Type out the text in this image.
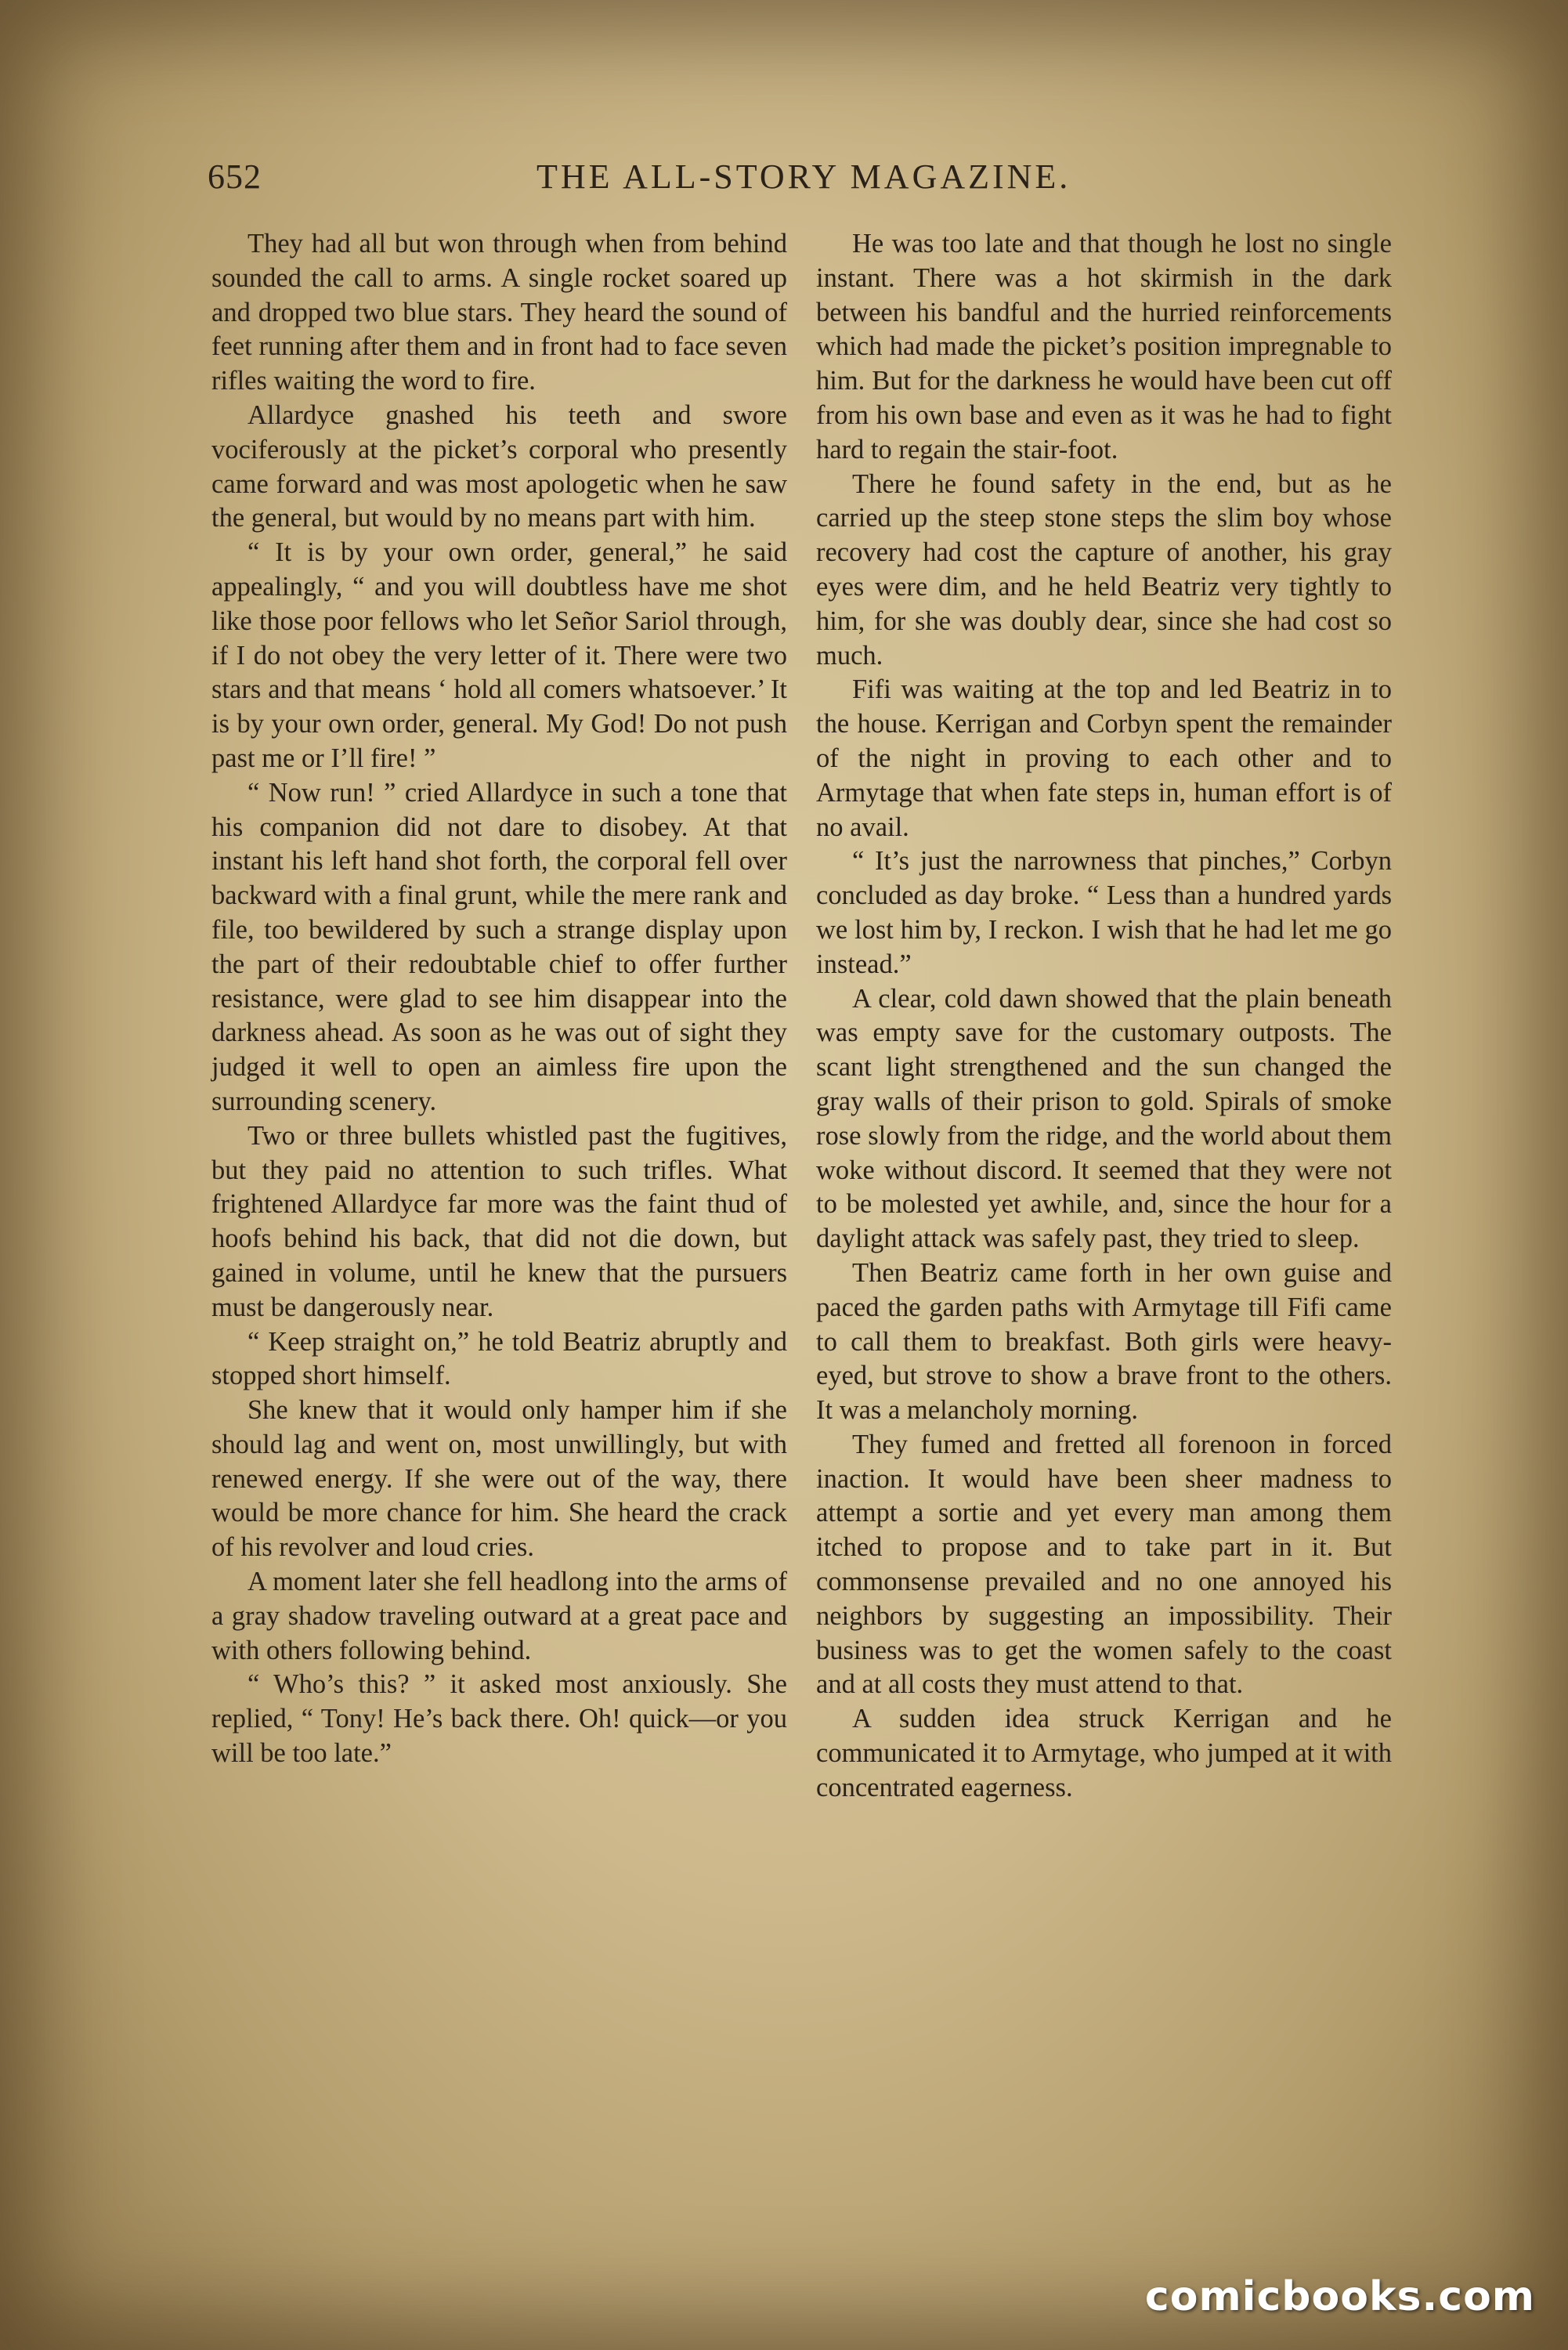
652	THE ALL-STORY MAGAZINE.

They had all but won through when from behind sounded the call to arms. A single rocket soared up and dropped two blue stars. They heard the sound of feet running after them and in front had to face seven rifles waiting the word to fire.

Allardyce gnashed his teeth and swore vociferously at the picket’s corporal who presently came forward and was most apologetic when he saw the general, but would by no means part with him.

“ It is by your own order, general,” he said appealingly, “ and you will doubtless have me shot like those poor fellows who let Señor Sariol through, if I do not obey the very letter of it. There were two stars and that means ‘ hold all comers whatsoever.’ It is by your own order, general. My God! Do not push past me or I’ll fire! ”

“ Now run! ” cried Allardyce in such a tone that his companion did not dare to disobey. At that instant his left hand shot forth, the corporal fell over backward with a final grunt, while the mere rank and file, too bewildered by such a strange display upon the part of their redoubtable chief to offer further resistance, were glad to see him disappear into the darkness ahead. As soon as he was out of sight they judged it well to open an aimless fire upon the surrounding scenery.

Two or three bullets whistled past the fugitives, but they paid no attention to such trifles. What frightened Allardyce far more was the faint thud of hoofs behind his back, that did not die down, but gained in volume, until he knew that the pursuers must be dangerously near.

“ Keep straight on,” he told Beatriz abruptly and stopped short himself.

She knew that it would only hamper him if she should lag and went on, most unwillingly, but with renewed energy. If she were out of the way, there would be more chance for him. She heard the crack of his revolver and loud cries.

A moment later she fell headlong into the arms of a gray shadow traveling outward at a great pace and with others following behind.

“ Who’s this? ” it asked most anxiously. She replied, “ Tony! He’s back there. Oh! quick—or you will be too late.”

He was too late and that though he lost no single instant. There was a hot skirmish in the dark between his bandful and the hurried reinforcements which had made the picket’s position impregnable to him. But for the darkness he would have been cut off from his own base and even as it was he had to fight hard to regain the stair-foot.

There he found safety in the end, but as he carried up the steep stone steps the slim boy whose recovery had cost the capture of another, his gray eyes were dim, and he held Beatriz very tightly to him, for she was doubly dear, since she had cost so much.

Fifi was waiting at the top and led Beatriz in to the house. Kerrigan and Corbyn spent the remainder of the night in proving to each other and to Armytage that when fate steps in, human effort is of no avail.

“ It’s just the narrowness that pinches,” Corbyn concluded as day broke. “ Less than a hundred yards we lost him by, I reckon. I wish that he had let me go instead.”

A clear, cold dawn showed that the plain beneath was empty save for the customary outposts. The scant light strengthened and the sun changed the gray walls of their prison to gold. Spirals of smoke rose slowly from the ridge, and the world about them woke without discord. It seemed that they were not to be molested yet awhile, and, since the hour for a daylight attack was safely past, they tried to sleep.

Then Beatriz came forth in her own guise and paced the garden paths with Armytage till Fifi came to call them to breakfast. Both girls were heavy-eyed, but strove to show a brave front to the others. It was a melancholy morning.

They fumed and fretted all forenoon in forced inaction. It would have been sheer madness to attempt a sortie and yet every man among them itched to propose and to take part in it. But commonsense prevailed and no one annoyed his neighbors by suggesting an impossibility. Their business was to get the women safely to the coast and at all costs they must attend to that.

A sudden idea struck Kerrigan and he communicated it to Armytage, who jumped at it with concentrated eagerness.

comicbooks.com
